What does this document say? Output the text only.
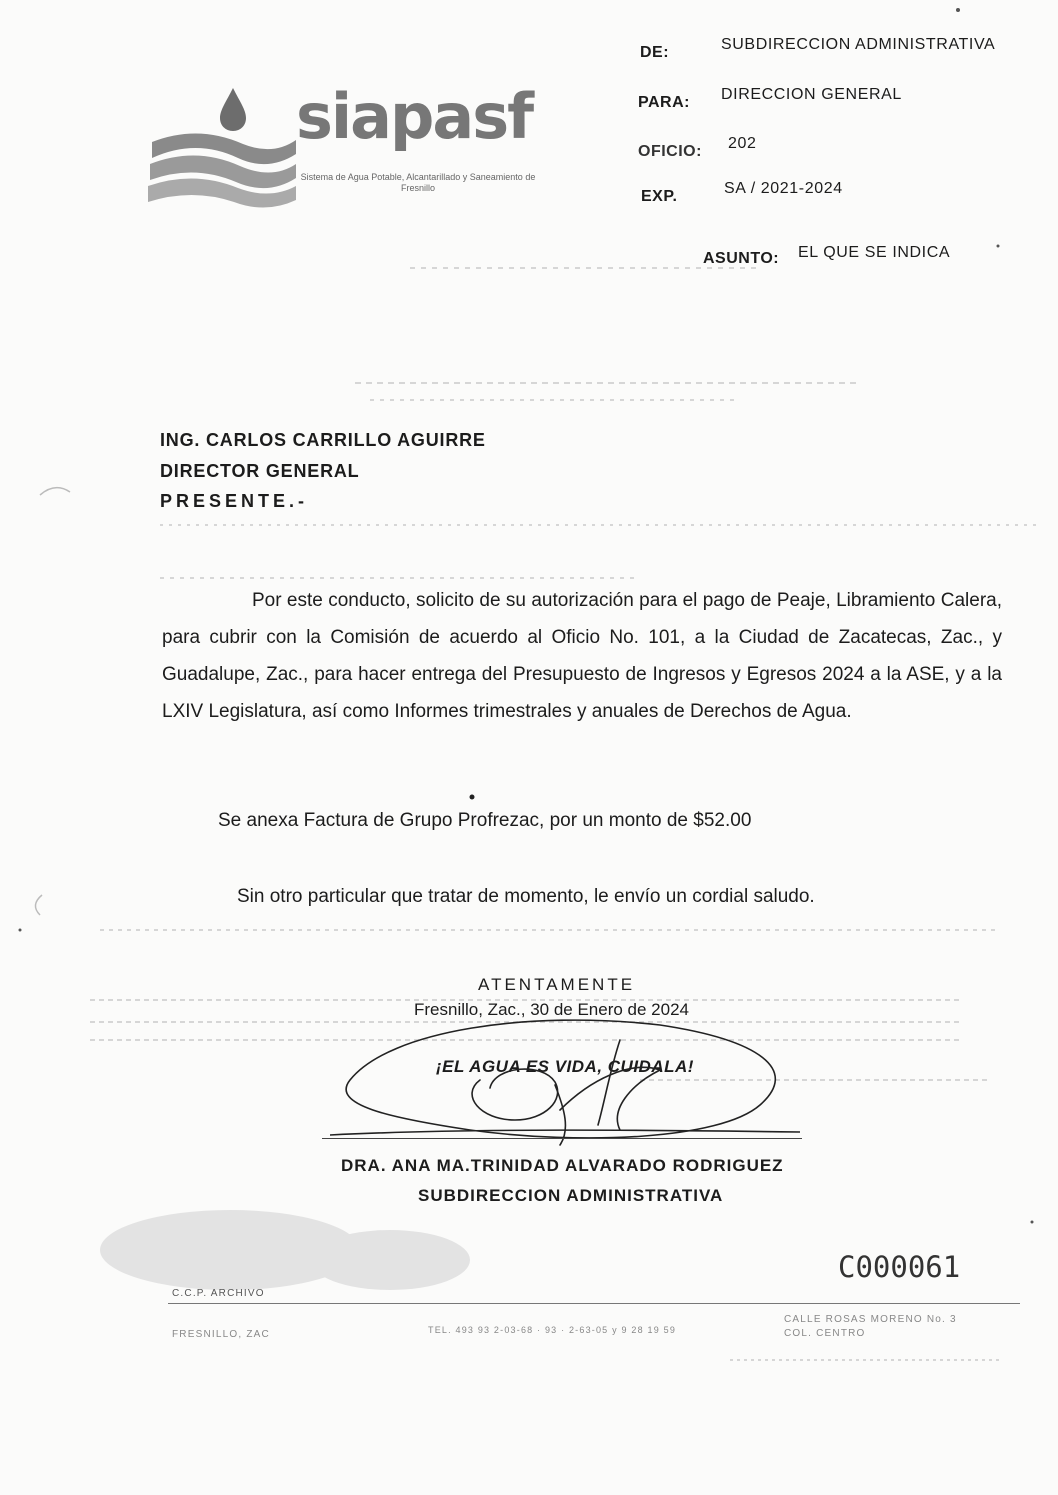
siapasf
Sistema de Agua Potable, Alcantarillado y Saneamiento de Fresnillo
DE:	SUBDIRECCION ADMINISTRATIVA
PARA: DIRECCION GENERAL
OFICIO: 202
EXP.	SA / 2021-2024
ASUNTO: EL QUE SE INDICA
ING. CARLOS CARRILLO AGUIRRE
DIRECTOR GENERAL
PRESENTE.-
Por este conducto, solicito de su autorización para el pago de Peaje, Libramiento Calera, para cubrir con la Comisión de acuerdo al Oficio No. 101, a la Ciudad de Zacatecas, Zac., y Guadalupe, Zac., para hacer entrega del Presupuesto de Ingresos y Egresos 2024 a la ASE, y a la LXIV Legislatura, así como Informes trimestrales y anuales de Derechos de Agua.
Se anexa Factura de Grupo Profrezac, por un monto de $52.00
Sin otro particular que tratar de momento, le envío un cordial saludo.
ATENTAMENTE
Fresnillo, Zac., 30 de Enero de 2024
¡EL AGUA ES VIDA, CUIDALA!
DRA. ANA MA.TRINIDAD ALVARADO RODRIGUEZ
SUBDIRECCION ADMINISTRATIVA
C000061
C.C.P. ARCHIVO
FRESNILLO, ZAC	TEL. 493 93 2-03-68 · 93 · 2-63-05 y 9 28 19 59
CALLE ROSAS MORENO No. 3
COL. CENTRO
